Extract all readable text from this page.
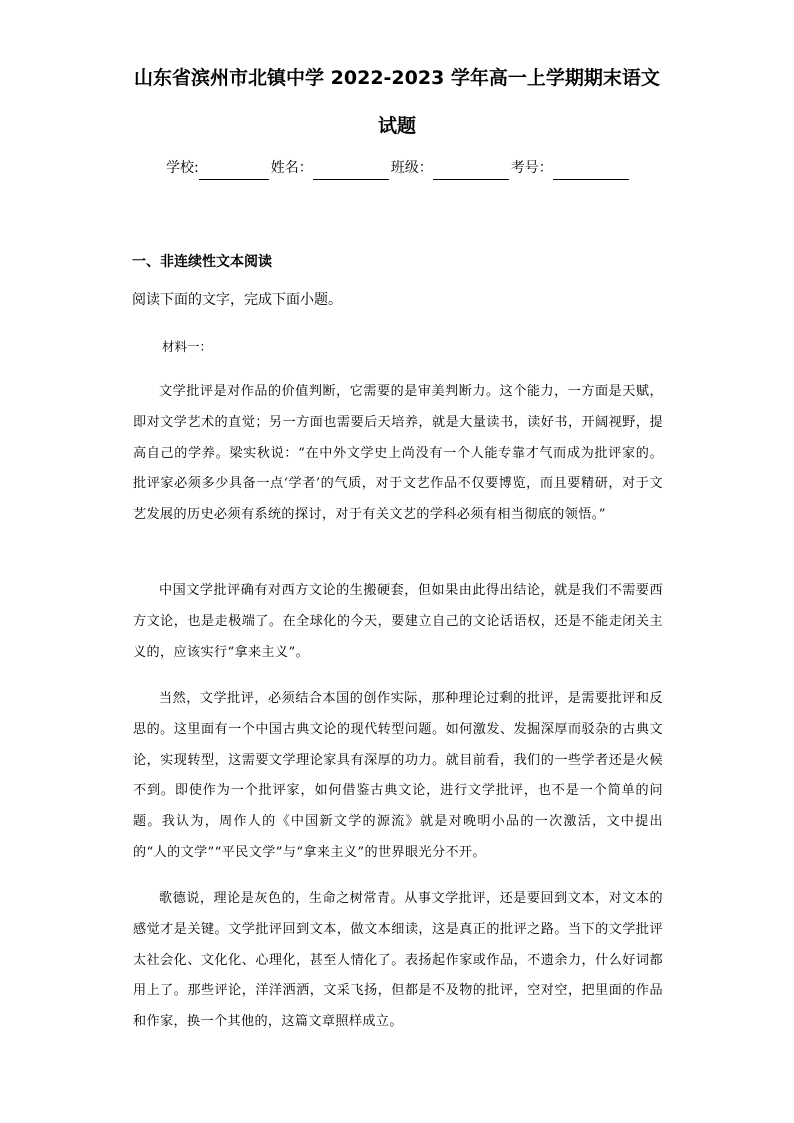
山东省滨州市北镇中学 2022-2023 学年高一上学期期末语文
试题
学校:	姓名：	班级：	考号：
一、非连续性文本阅读
阅读下面的文字，完成下面小题。
材料一：

文学批评是对作品的价值判断，它需要的是审美判断力。这个能力，一方面是天赋，即对文学艺术的直觉；另一方面也需要后天培养，就是大量读书，读好书，开阔视野，提高自己的学养。梁实秋说：“在中外文学史上尚没有一个人能专靠才气而成为批评家的。批评家必须多少具备一点‘学者’的气质，对于文艺作品不仅要博览，而且要精研，对于文艺发展的历史必须有系统的探讨，对于有关文艺的学科必须有相当彻底的领悟。”

中国文学批评确有对西方文论的生搬硬套，但如果由此得出结论，就是我们不需要西方文论，也是走极端了。在全球化的今天，要建立自己的文论话语权，还是不能走闭关主义的，应该实行“拿来主义”。

当然，文学批评，必须结合本国的创作实际，那种理论过剩的批评，是需要批评和反思的。这里面有一个中国古典文论的现代转型问题。如何激发、发掘深厚而驳杂的古典文论，实现转型，这需要文学理论家具有深厚的功力。就目前看，我们的一些学者还是火候不到。即使作为一个批评家，如何借鉴古典文论，进行文学批评，也不是一个简单的问题。我认为，周作人的《中国新文学的源流》就是对晚明小品的一次激活，文中提出的“人的文学”“平民文学”与“拿来主义”的世界眼光分不开。

歌德说，理论是灰色的，生命之树常青。从事文学批评，还是要回到文本，对文本的感觉才是关键。文学批评回到文本，做文本细读，这是真正的批评之路。当下的文学批评太社会化、文化化、心理化，甚至人情化了。表扬起作家或作品，不遗余力，什么好词都用上了。那些评论，洋洋洒洒，文采飞扬，但都是不及物的批评，空对空，把里面的作品和作家，换一个其他的，这篇文章照样成立。
